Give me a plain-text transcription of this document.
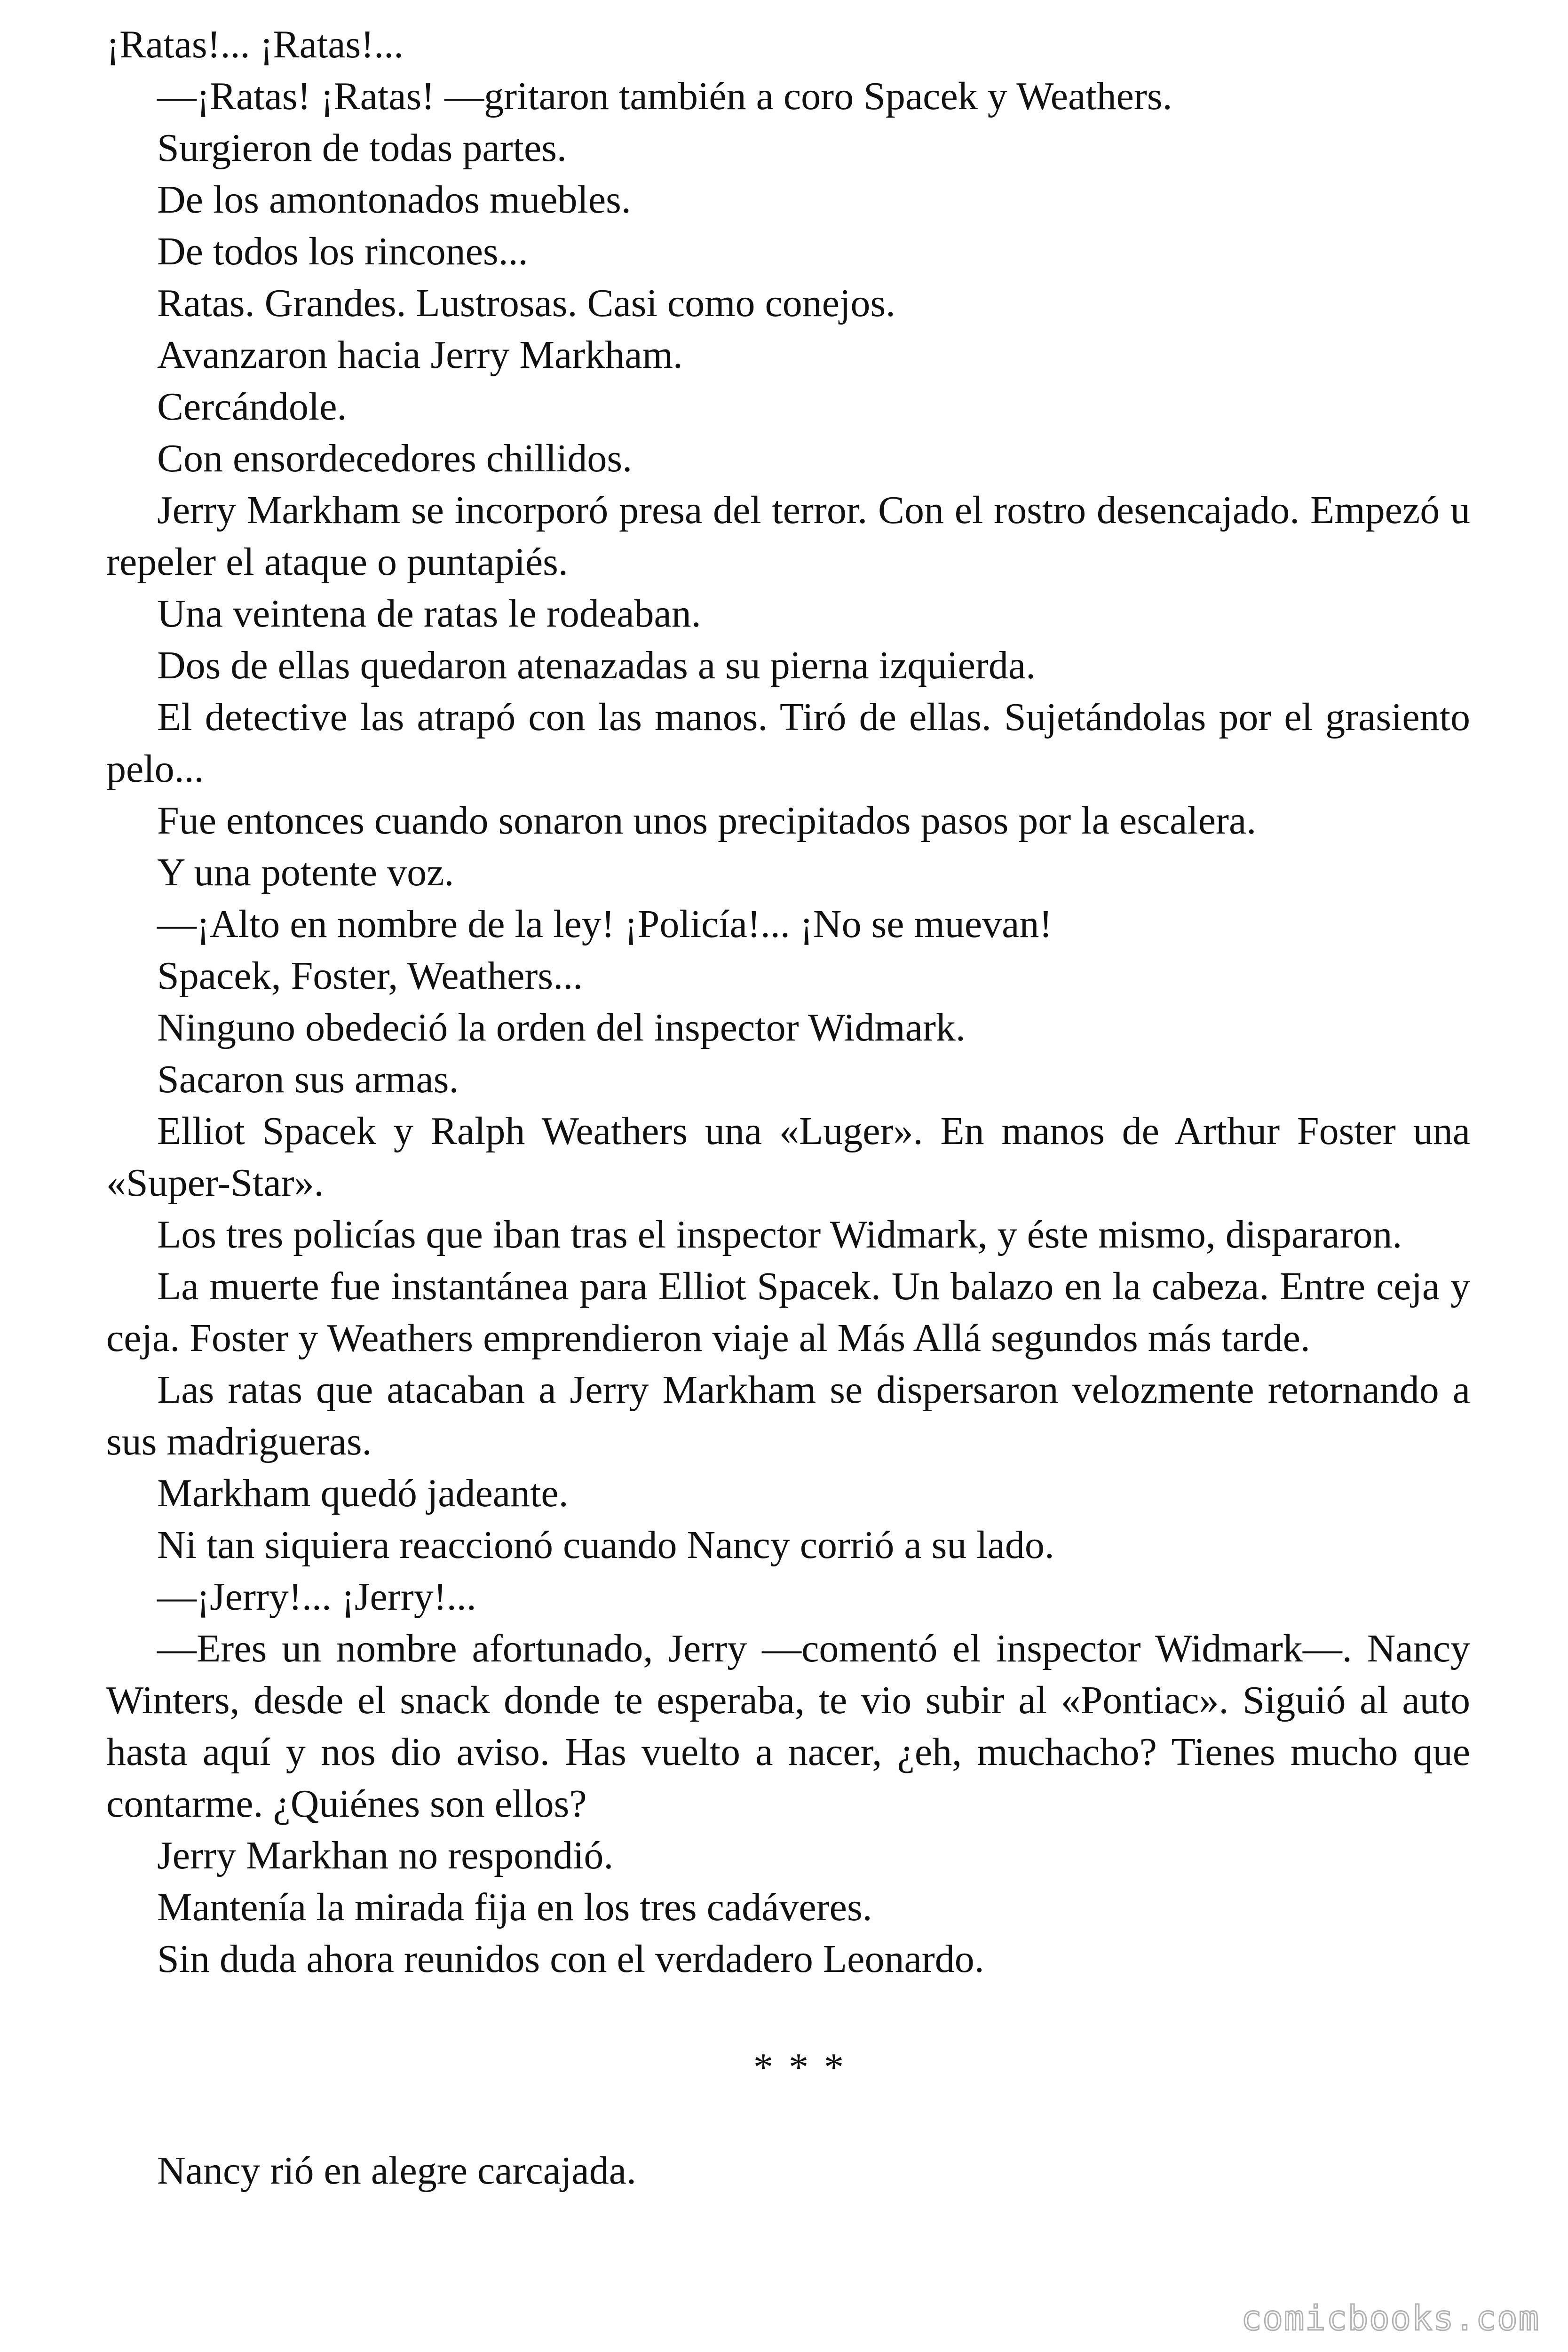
¡Ratas!... ¡Ratas!...

—¡Ratas! ¡Ratas! —gritaron también a coro Spacek y Weathers.

Surgieron de todas partes.

De los amontonados muebles.

De todos los rincones...

Ratas. Grandes. Lustrosas. Casi como conejos.

Avanzaron hacia Jerry Markham.

Cercándole.

Con ensordecedores chillidos.

Jerry Markham se incorporó presa del terror. Con el rostro desencajado. Empezó u repeler el ataque o puntapiés.

Una veintena de ratas le rodeaban.

Dos de ellas quedaron atenazadas a su pierna izquierda.

El detective las atrapó con las manos. Tiró de ellas. Sujetándolas por el grasiento pelo...

Fue entonces cuando sonaron unos precipitados pasos por la escalera.

Y una potente voz.

—¡Alto en nombre de la ley! ¡Policía!... ¡No se muevan!

Spacek, Foster, Weathers...

Ninguno obedeció la orden del inspector Widmark.

Sacaron sus armas.

Elliot Spacek y Ralph Weathers una «Luger». En manos de Arthur Foster una «Super-Star».

Los tres policías que iban tras el inspector Widmark, y éste mismo, dispararon.

La muerte fue instantánea para Elliot Spacek. Un balazo en la cabeza. Entre ceja y ceja. Foster y Weathers emprendieron viaje al Más Allá segundos más tarde.

Las ratas que atacaban a Jerry Markham se dispersaron velozmente retornando a sus madrigueras.

Markham quedó jadeante.

Ni tan siquiera reaccionó cuando Nancy corrió a su lado.

—¡Jerry!... ¡Jerry!...

—Eres un nombre afortunado, Jerry —comentó el inspector Widmark—. Nancy Winters, desde el snack donde te esperaba, te vio subir al «Pontiac». Siguió al auto hasta aquí y nos dio aviso. Has vuelto a nacer, ¿eh, muchacho? Tienes mucho que contarme. ¿Quiénes son ellos?

Jerry Markhan no respondió.

Mantenía la mirada fija en los tres cadáveres.

Sin duda ahora reunidos con el verdadero Leonardo.

* * *

Nancy rió en alegre carcajada.

comicbooks.com
